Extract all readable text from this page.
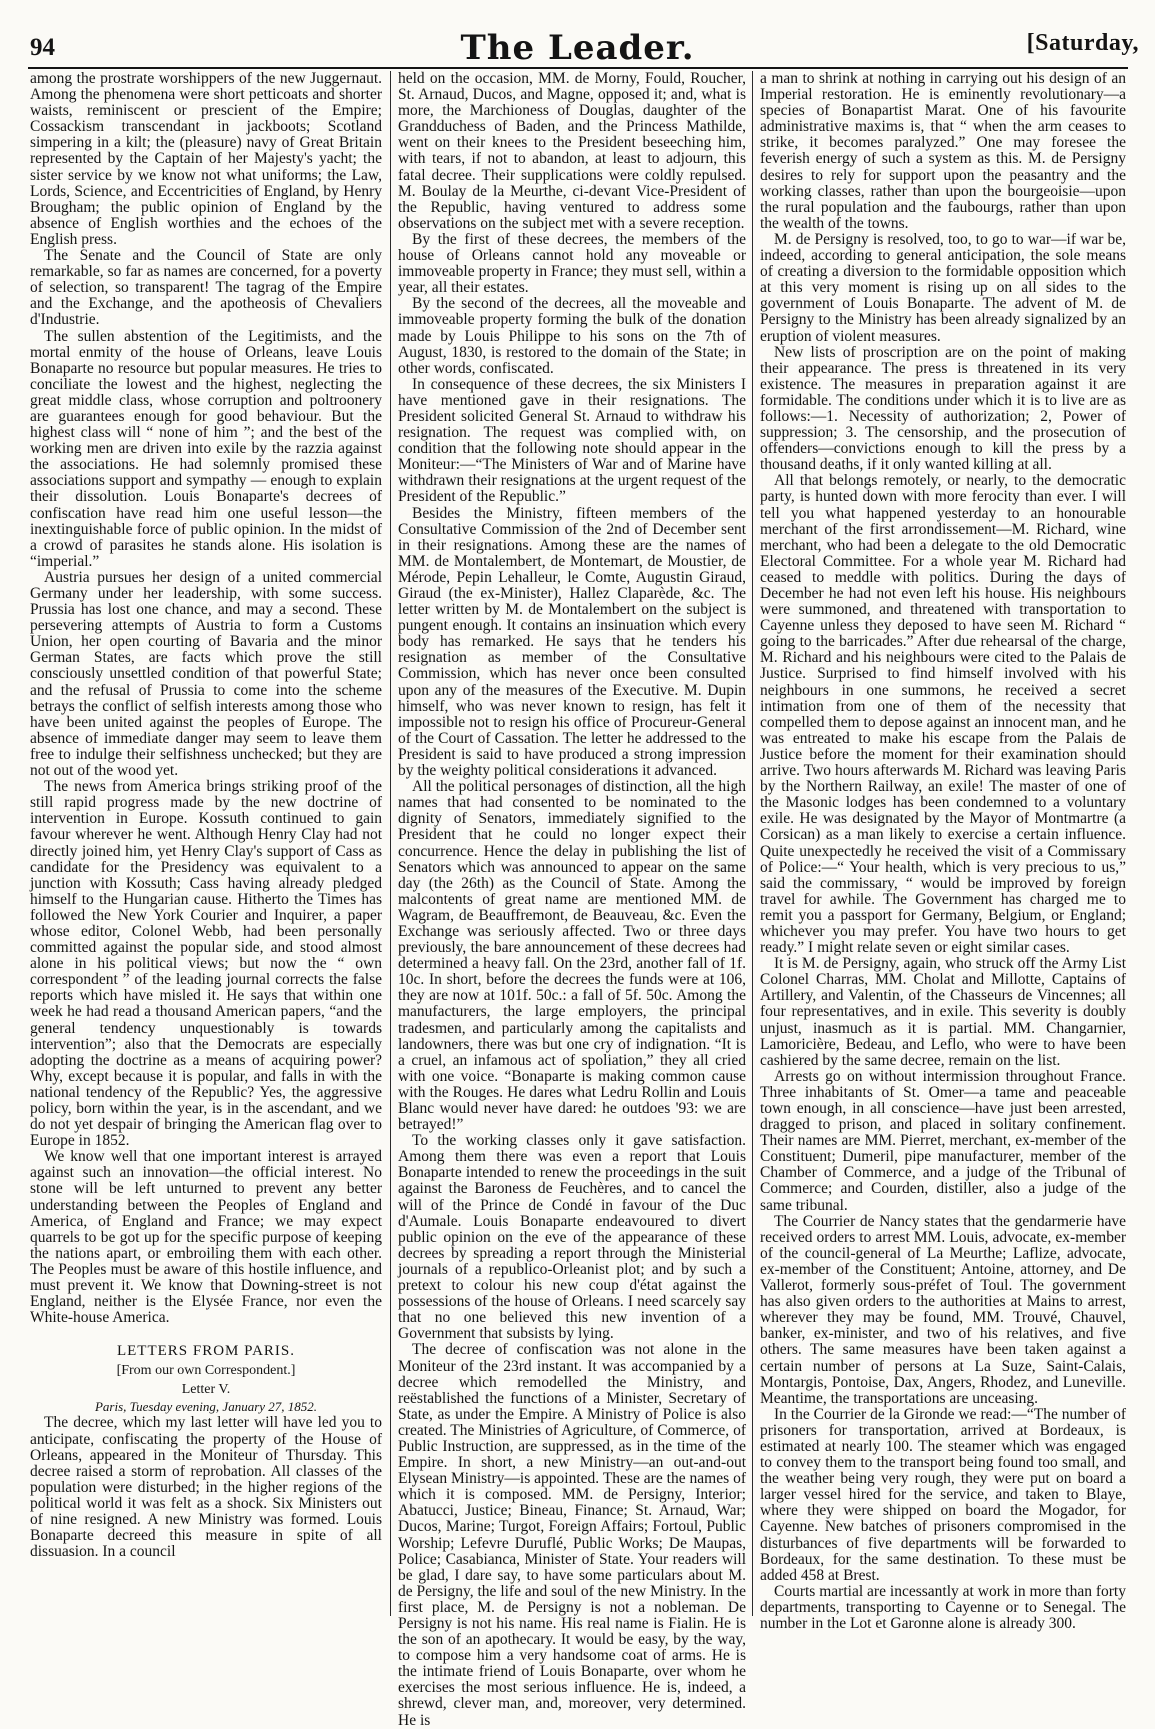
94	The Leader.	[Saturday,

among the prostrate worshippers of the new Juggernaut. Among the phenomena were short petticoats and shorter waists, reminiscent or prescient of the Empire; Cossackism transcendant in jackboots; Scotland simpering in a kilt; the (pleasure) navy of Great Britain represented by the Captain of her Majesty's yacht; the sister service by we know not what uniforms; the Law, Lords, Science, and Eccentricities of England, by Henry Brougham; the public opinion of England by the absence of English worthies and the echoes of the English press.

The Senate and the Council of State are only remarkable, so far as names are concerned, for a poverty of selection, so transparent! The tagrag of the Empire and the Exchange, and the apotheosis of Chevaliers d'Industrie.

The sullen abstention of the Legitimists, and the mortal enmity of the house of Orleans, leave Louis Bonaparte no resource but popular measures. He tries to conciliate the lowest and the highest, neglecting the great middle class, whose corruption and poltroonery are guarantees enough for good behaviour. But the highest class will “ none of him ”; and the best of the working men are driven into exile by the razzia against the associations. He had solemnly promised these associations support and sympathy — enough to explain their dissolution. Louis Bonaparte's decrees of confiscation have read him one useful lesson—the inextinguishable force of public opinion. In the midst of a crowd of parasites he stands alone. His isolation is “imperial.”

Austria pursues her design of a united commercial Germany under her leadership, with some success. Prussia has lost one chance, and may a second. These persevering attempts of Austria to form a Customs Union, her open courting of Bavaria and the minor German States, are facts which prove the still consciously unsettled condition of that powerful State; and the refusal of Prussia to come into the scheme betrays the conflict of selfish interests among those who have been united against the peoples of Europe. The absence of immediate danger may seem to leave them free to indulge their selfishness unchecked; but they are not out of the wood yet.

The news from America brings striking proof of the still rapid progress made by the new doctrine of intervention in Europe. Kossuth continued to gain favour wherever he went. Although Henry Clay had not directly joined him, yet Henry Clay's support of Cass as candidate for the Presidency was equivalent to a junction with Kossuth; Cass having already pledged himself to the Hungarian cause. Hitherto the Times has followed the New York Courier and Inquirer, a paper whose editor, Colonel Webb, had been personally committed against the popular side, and stood almost alone in his political views; but now the “ own correspondent ” of the leading journal corrects the false reports which have misled it. He says that within one week he had read a thousand American papers, “and the general tendency unquestionably is towards intervention”; also that the Democrats are especially adopting the doctrine as a means of acquiring power? Why, except because it is popular, and falls in with the national tendency of the Republic? Yes, the aggressive policy, born within the year, is in the ascendant, and we do not yet despair of bringing the American flag over to Europe in 1852.

We know well that one important interest is arrayed against such an innovation—the official interest. No stone will be left unturned to prevent any better understanding between the Peoples of England and America, of England and France; we may expect quarrels to be got up for the specific purpose of keeping the nations apart, or embroiling them with each other. The Peoples must be aware of this hostile influence, and must prevent it. We know that Downing-street is not England, neither is the Elysée France, nor even the White-house America.

LETTERS FROM PARIS.
[From our own Correspondent.]
Letter V.
Paris, Tuesday evening, January 27, 1852.

The decree, which my last letter will have led you to anticipate, confiscating the property of the House of Orleans, appeared in the Moniteur of Thursday. This decree raised a storm of reprobation. All classes of the population were disturbed; in the higher regions of the political world it was felt as a shock. Six Ministers out of nine resigned. A new Ministry was formed. Louis Bonaparte decreed this measure in spite of all dissuasion. In a council

held on the occasion, MM. de Morny, Fould, Roucher, St. Arnaud, Ducos, and Magne, opposed it; and, what is more, the Marchioness of Douglas, daughter of the Grandduchess of Baden, and the Princess Mathilde, went on their knees to the President beseeching him, with tears, if not to abandon, at least to adjourn, this fatal decree. Their supplications were coldly repulsed. M. Boulay de la Meurthe, ci-devant Vice-President of the Republic, having ventured to address some observations on the subject met with a severe reception.

By the first of these decrees, the members of the house of Orleans cannot hold any moveable or immoveable property in France; they must sell, within a year, all their estates.

By the second of the decrees, all the moveable and immoveable property forming the bulk of the donation made by Louis Philippe to his sons on the 7th of August, 1830, is restored to the domain of the State; in other words, confiscated.

In consequence of these decrees, the six Ministers I have mentioned gave in their resignations. The President solicited General St. Arnaud to withdraw his resignation. The request was complied with, on condition that the following note should appear in the Moniteur:—“The Ministers of War and of Marine have withdrawn their resignations at the urgent request of the President of the Republic.”

Besides the Ministry, fifteen members of the Consultative Commission of the 2nd of December sent in their resignations. Among these are the names of MM. de Montalembert, de Montemart, de Moustier, de Mérode, Pepin Lehalleur, le Comte, Augustin Giraud, Giraud (the ex-Minister), Hallez Claparède, &c. The letter written by M. de Montalembert on the subject is pungent enough. It contains an insinuation which every body has remarked. He says that he tenders his resignation as member of the Consultative Commission, which has never once been consulted upon any of the measures of the Executive. M. Dupin himself, who was never known to resign, has felt it impossible not to resign his office of Procureur-General of the Court of Cassation. The letter he addressed to the President is said to have produced a strong impression by the weighty political considerations it advanced.

All the political personages of distinction, all the high names that had consented to be nominated to the dignity of Senators, immediately signified to the President that he could no longer expect their concurrence. Hence the delay in publishing the list of Senators which was announced to appear on the same day (the 26th) as the Council of State. Among the malcontents of great name are mentioned MM. de Wagram, de Beauffremont, de Beauveau, &c. Even the Exchange was seriously affected. Two or three days previously, the bare announcement of these decrees had determined a heavy fall. On the 23rd, another fall of 1f. 10c. In short, before the decrees the funds were at 106, they are now at 101f. 50c.: a fall of 5f. 50c. Among the manufacturers, the large employers, the principal tradesmen, and particularly among the capitalists and landowners, there was but one cry of indignation. “It is a cruel, an infamous act of spoliation,” they all cried with one voice. “Bonaparte is making common cause with the Rouges. He dares what Ledru Rollin and Louis Blanc would never have dared: he outdoes '93: we are betrayed!”

To the working classes only it gave satisfaction. Among them there was even a report that Louis Bonaparte intended to renew the proceedings in the suit against the Baroness de Feuchères, and to cancel the will of the Prince de Condé in favour of the Duc d'Aumale. Louis Bonaparte endeavoured to divert public opinion on the eve of the appearance of these decrees by spreading a report through the Ministerial journals of a republico-Orleanist plot; and by such a pretext to colour his new coup d'état against the possessions of the house of Orleans. I need scarcely say that no one believed this new invention of a Government that subsists by lying.

The decree of confiscation was not alone in the Moniteur of the 23rd instant. It was accompanied by a decree which remodelled the Ministry, and reëstablished the functions of a Minister, Secretary of State, as under the Empire. A Ministry of Police is also created. The Ministries of Agriculture, of Commerce, of Public Instruction, are suppressed, as in the time of the Empire. In short, a new Ministry—an out-and-out Elysean Ministry—is appointed. These are the names of which it is composed. MM. de Persigny, Interior; Abatucci, Justice; Bineau, Finance; St. Arnaud, War; Ducos, Marine; Turgot, Foreign Affairs; Fortoul, Public Worship; Lefevre Duruflé, Public Works; De Maupas, Police; Casabianca, Minister of State. Your readers will be glad, I dare say, to have some particulars about M. de Persigny, the life and soul of the new Ministry. In the first place, M. de Persigny is not a nobleman. De Persigny is not his name. His real name is Fialin. He is the son of an apothecary. It would be easy, by the way, to compose him a very handsome coat of arms. He is the intimate friend of Louis Bonaparte, over whom he exercises the most serious influence. He is, indeed, a shrewd, clever man, and, moreover, very determined. He is

a man to shrink at nothing in carrying out his design of an Imperial restoration. He is eminently revolutionary—a species of Bonapartist Marat. One of his favourite administrative maxims is, that “ when the arm ceases to strike, it becomes paralyzed.” One may foresee the feverish energy of such a system as this. M. de Persigny desires to rely for support upon the peasantry and the working classes, rather than upon the bourgeoisie—upon the rural population and the faubourgs, rather than upon the wealth of the towns.

M. de Persigny is resolved, too, to go to war—if war be, indeed, according to general anticipation, the sole means of creating a diversion to the formidable opposition which at this very moment is rising up on all sides to the government of Louis Bonaparte. The advent of M. de Persigny to the Ministry has been already signalized by an eruption of violent measures.

New lists of proscription are on the point of making their appearance. The press is threatened in its very existence. The measures in preparation against it are formidable. The conditions under which it is to live are as follows:—1. Necessity of authorization; 2, Power of suppression; 3. The censorship, and the prosecution of offenders—convictions enough to kill the press by a thousand deaths, if it only wanted killing at all.

All that belongs remotely, or nearly, to the democratic party, is hunted down with more ferocity than ever. I will tell you what happened yesterday to an honourable merchant of the first arrondissement—M. Richard, wine merchant, who had been a delegate to the old Democratic Electoral Committee. For a whole year M. Richard had ceased to meddle with politics. During the days of December he had not even left his house. His neighbours were summoned, and threatened with transportation to Cayenne unless they deposed to have seen M. Richard “ going to the barricades.” After due rehearsal of the charge, M. Richard and his neighbours were cited to the Palais de Justice. Surprised to find himself involved with his neighbours in one summons, he received a secret intimation from one of them of the necessity that compelled them to depose against an innocent man, and he was entreated to make his escape from the Palais de Justice before the moment for their examination should arrive. Two hours afterwards M. Richard was leaving Paris by the Northern Railway, an exile! The master of one of the Masonic lodges has been condemned to a voluntary exile. He was designated by the Mayor of Montmartre (a Corsican) as a man likely to exercise a certain influence. Quite unexpectedly he received the visit of a Commissary of Police:—“ Your health, which is very precious to us,” said the commissary, “ would be improved by foreign travel for awhile. The Government has charged me to remit you a passport for Germany, Belgium, or England; whichever you may prefer. You have two hours to get ready.” I might relate seven or eight similar cases.

It is M. de Persigny, again, who struck off the Army List Colonel Charras, MM. Cholat and Millotte, Captains of Artillery, and Valentin, of the Chasseurs de Vincennes; all four representatives, and in exile. This severity is doubly unjust, inasmuch as it is partial. MM. Changarnier, Lamoricière, Bedeau, and Leflo, who were to have been cashiered by the same decree, remain on the list.

Arrests go on without intermission throughout France. Three inhabitants of St. Omer—a tame and peaceable town enough, in all conscience—have just been arrested, dragged to prison, and placed in solitary confinement. Their names are MM. Pierret, merchant, ex-member of the Constituent; Dumeril, pipe manufacturer, member of the Chamber of Commerce, and a judge of the Tribunal of Commerce; and Courden, distiller, also a judge of the same tribunal.

The Courrier de Nancy states that the gendarmerie have received orders to arrest MM. Louis, advocate, ex-member of the council-general of La Meurthe; Laflize, advocate, ex-member of the Constituent; Antoine, attorney, and De Vallerot, formerly sous-préfet of Toul. The government has also given orders to the authorities at Mains to arrest, wherever they may be found, MM. Trouvé, Chauvel, banker, ex-minister, and two of his relatives, and five others. The same measures have been taken against a certain number of persons at La Suze, Saint-Calais, Montargis, Pontoise, Dax, Angers, Rhodez, and Luneville. Meantime, the transportations are unceasing.

In the Courrier de la Gironde we read:—“The number of prisoners for transportation, arrived at Bordeaux, is estimated at nearly 100. The steamer which was engaged to convey them to the transport being found too small, and the weather being very rough, they were put on board a larger vessel hired for the service, and taken to Blaye, where they were shipped on board the Mogador, for Cayenne. New batches of prisoners compromised in the disturbances of five departments will be forwarded to Bordeaux, for the same destination. To these must be added 458 at Brest.

Courts martial are incessantly at work in more than forty departments, transporting to Cayenne or to Senegal. The number in the Lot et Garonne alone is already 300.
